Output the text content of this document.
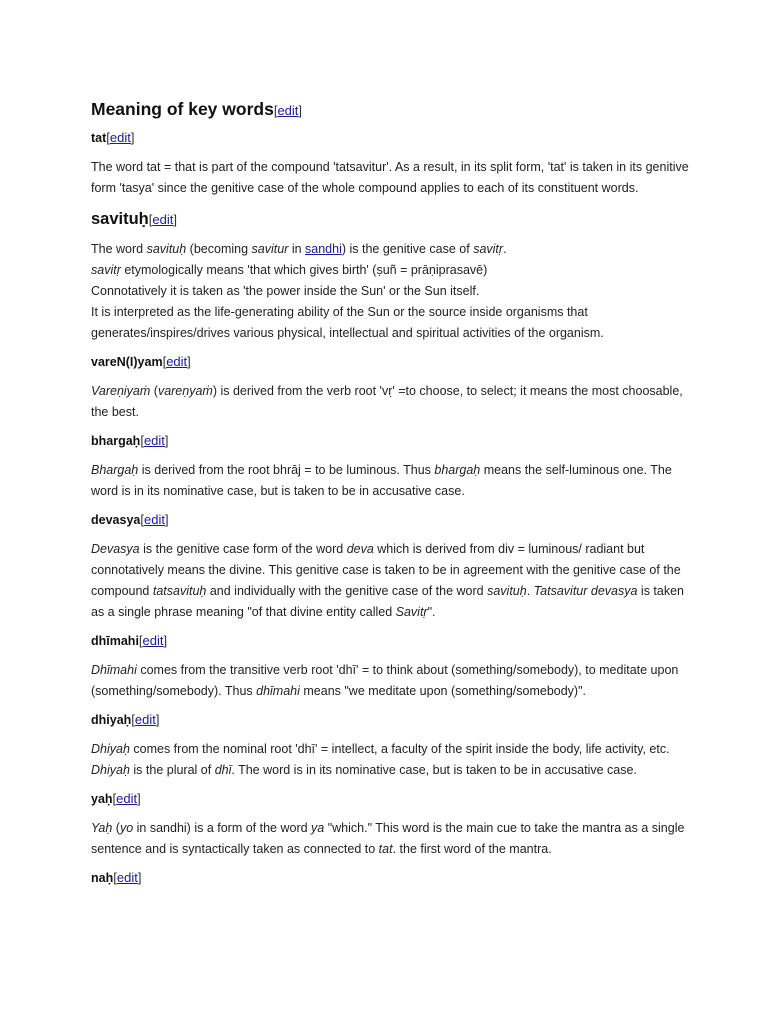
Meaning of key words[edit]
tat[edit]

The word tat = that is part of the compound 'tatsavitur'. As a result, in its split form, 'tat' is taken in its genitive form 'tasya' since the genitive case of the whole compound applies to each of its constituent words.

savituḥ[edit]

The word savituḥ (becoming savitur in sandhi) is the genitive case of savitṛ.
savitṛ etymologically means 'that which gives birth' (ṣuñ = prāṇiprasavē)
Connotatively it is taken as 'the power inside the Sun' or the Sun itself.
It is interpreted as the life-generating ability of the Sun or the source inside organisms that generates/inspires/drives various physical, intellectual and spiritual activities of the organism.

vareN(I)yam[edit]

Vareṇiyaṁ (vareṇyaṁ) is derived from the verb root 'vṛ' =to choose, to select; it means the most choosable, the best.

bhargaḥ[edit]

Bhargaḥ is derived from the root bhrāj = to be luminous. Thus bhargaḥ means the self-luminous one. The word is in its nominative case, but is taken to be in accusative case.

devasya[edit]

Devasya is the genitive case form of the word deva which is derived from div = luminous/ radiant but connotatively means the divine. This genitive case is taken to be in agreement with the genitive case of the compound tatsavituḥ and individually with the genitive case of the word savituḥ. Tatsavitur devasya is taken as a single phrase meaning "of that divine entity called Savitṛ".

dhīmahi[edit]

Dhīmahi comes from the transitive verb root 'dhī' = to think about (something/somebody), to meditate upon (something/somebody). Thus dhīmahi means "we meditate upon (something/somebody)".

dhiyaḥ[edit]

Dhiyaḥ comes from the nominal root 'dhī' = intellect, a faculty of the spirit inside the body, life activity, etc. Dhiyaḥ is the plural of dhī. The word is in its nominative case, but is taken to be in accusative case.

yaḥ[edit]

Yaḥ (yo in sandhi) is a form of the word ya "which." This word is the main cue to take the mantra as a single sentence and is syntactically taken as connected to tat. the first word of the mantra.

naḥ[edit]
